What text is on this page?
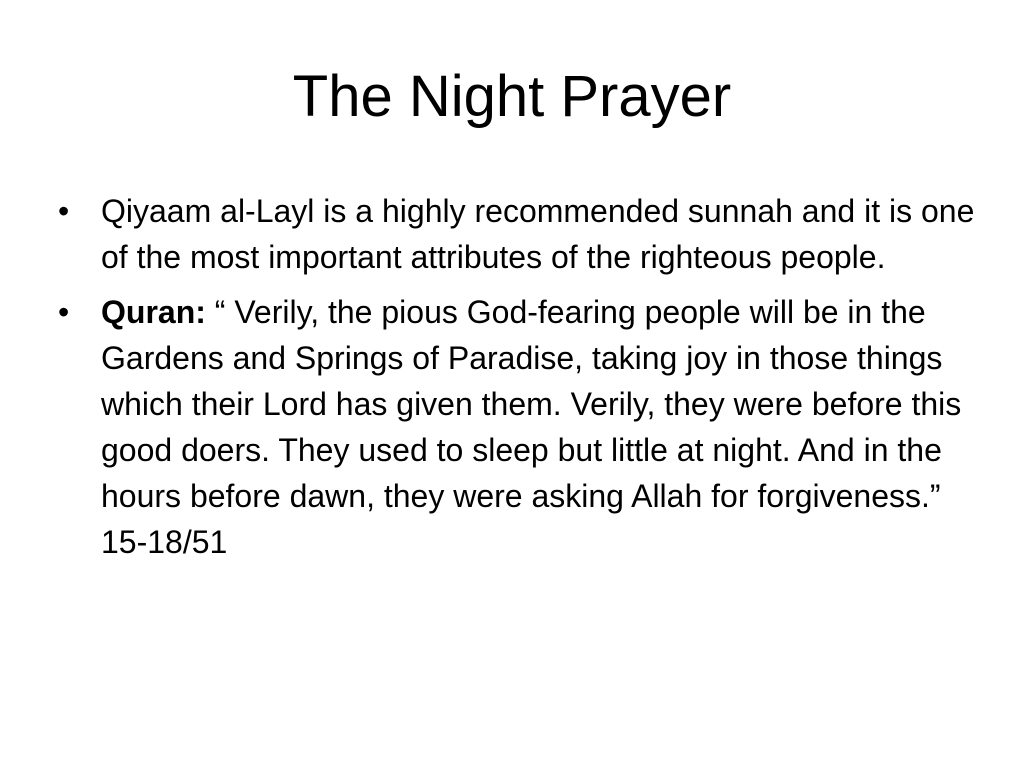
The Night Prayer
• Qiyaam al-Layl is a highly recommended sunnah and it is one of the most important attributes of the righteous people.
• Quran: “ Verily, the pious God-fearing people will be in the Gardens and Springs of Paradise, taking joy in those things which their Lord has given them. Verily, they were before this good doers. They used to sleep but little at night. And in the hours before dawn, they were asking Allah for forgiveness.” 15-18/51
